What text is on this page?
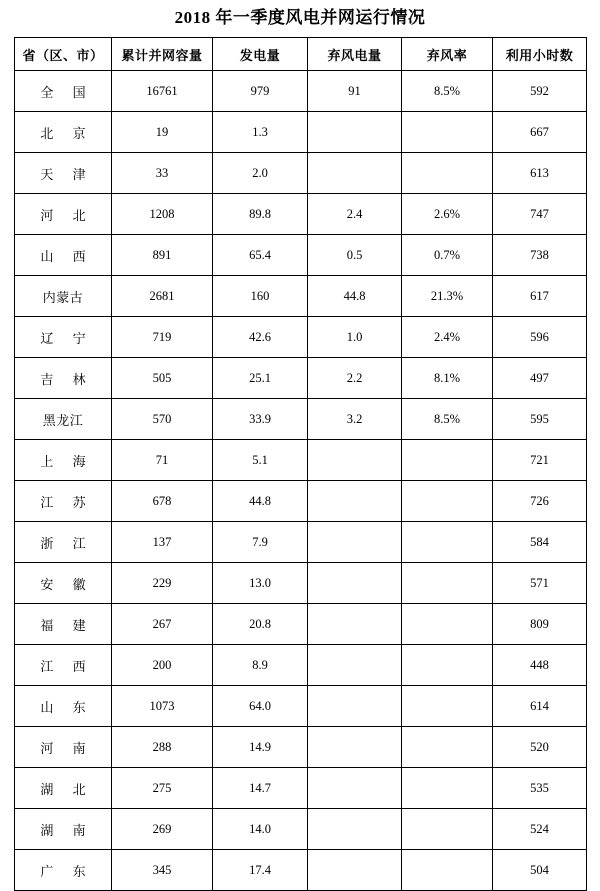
2018 年一季度风电并网运行情况
省（区、市）	累计并网容量	发电量	弃风电量	弃风率	利用小时数
全 国	16761	979	91	8.5%	592
北 京	19	1.3			667
天 津	33	2.0			613
河 北	1208	89.8	2.4	2.6%	747
山 西	891	65.4	0.5	0.7%	738
内蒙古	2681	160	44.8	21.3%	617
辽 宁	719	42.6	1.0	2.4%	596
吉 林	505	25.1	2.2	8.1%	497
黑龙江	570	33.9	3.2	8.5%	595
上 海	71	5.1			721
江 苏	678	44.8			726
浙 江	137	7.9			584
安 徽	229	13.0			571
福 建	267	20.8			809
江 西	200	8.9			448
山 东	1073	64.0			614
河 南	288	14.9			520
湖 北	275	14.7			535
湖 南	269	14.0			524
广 东	345	17.4			504
